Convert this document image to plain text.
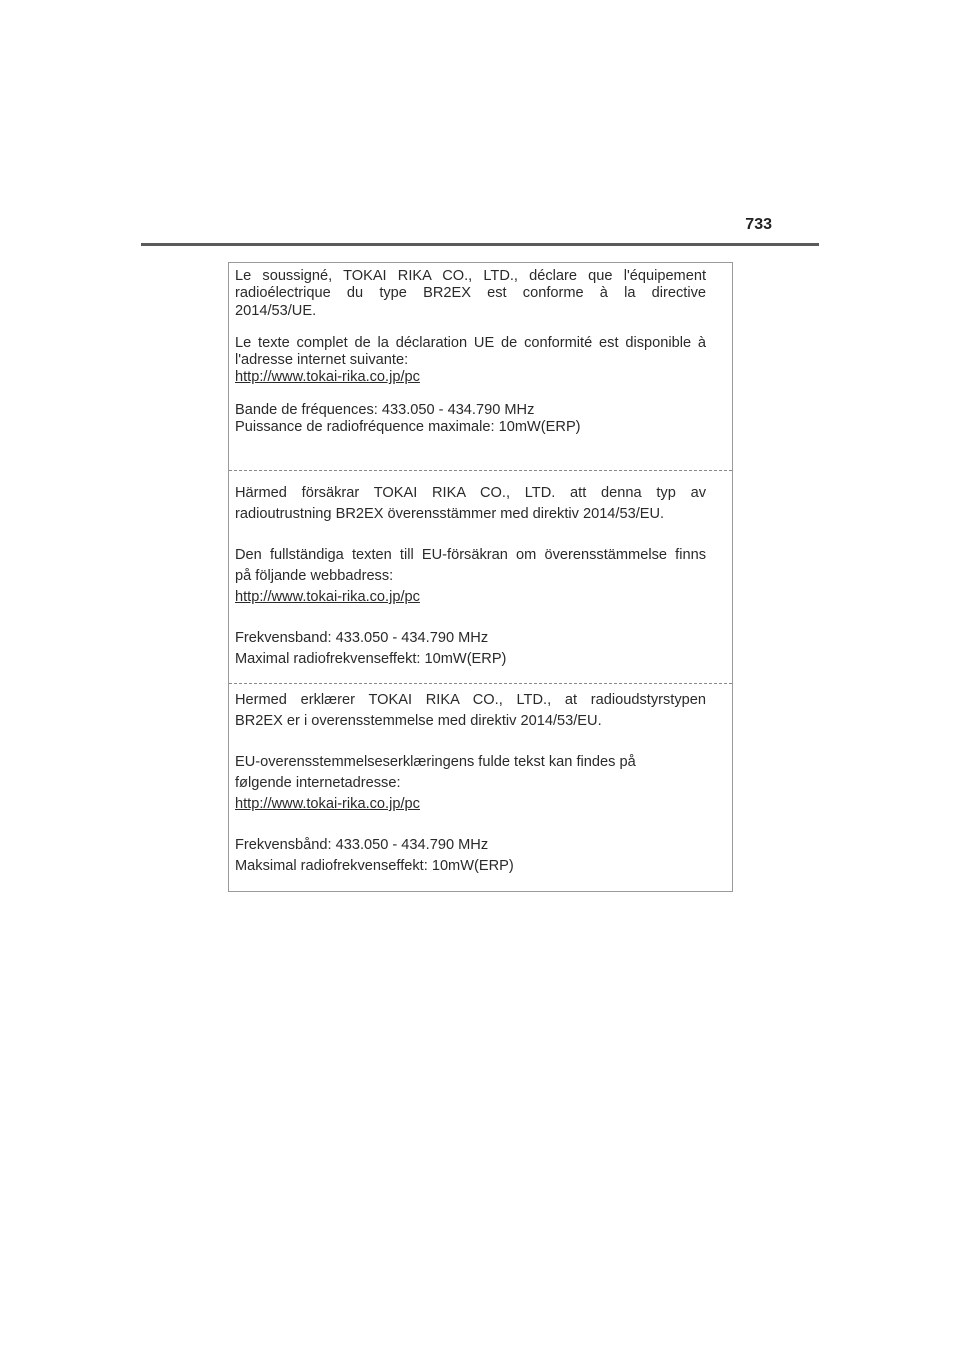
733

Le soussigné, TOKAI RIKA CO., LTD., déclare que l'équipement
radioélectrique du type BR2EX est conforme à la directive
2014/53/UE.

Le texte complet de la déclaration UE de conformité est disponible à
l'adresse internet suivante:
http://www.tokai-rika.co.jp/pc

Bande de fréquences: 433.050 - 434.790 MHz
Puissance de radiofréquence maximale: 10mW(ERP)

Härmed försäkrar TOKAI RIKA CO., LTD. att denna typ av
radioutrustning BR2EX överensstämmer med direktiv 2014/53/EU.

Den fullständiga texten till EU-försäkran om överensstämmelse finns
på följande webbadress:
http://www.tokai-rika.co.jp/pc

Frekvensband: 433.050 - 434.790 MHz
Maximal radiofrekvenseffekt: 10mW(ERP)

Hermed erklærer TOKAI RIKA CO., LTD., at radioudstyrstypen
BR2EX er i overensstemmelse med direktiv 2014/53/EU.

EU-overensstemmelseserklæringens fulde tekst kan findes på
følgende internetadresse:
http://www.tokai-rika.co.jp/pc

Frekvensbånd: 433.050 - 434.790 MHz
Maksimal radiofrekvenseffekt: 10mW(ERP)
